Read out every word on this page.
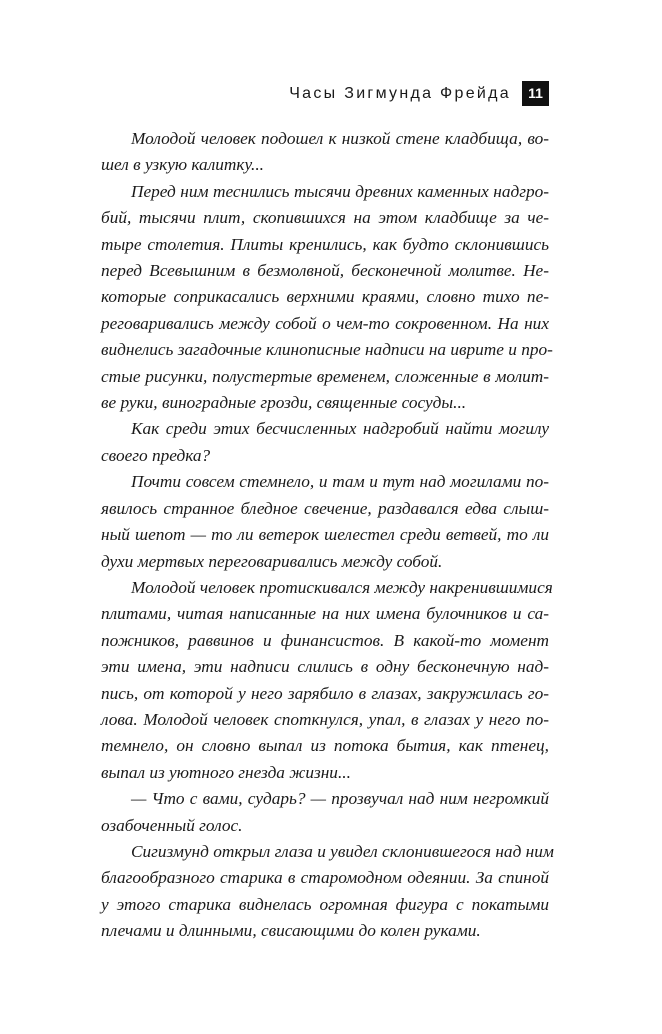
Часы Зигмунда Фрейда	11

Молодой человек подошел к низкой стене кладбища, во-
шел в узкую калитку...

Перед ним теснились тысячи древних каменных надгро-
бий, тысячи плит, скопившихся на этом кладбище за че-
тыре столетия. Плиты кренились, как будто склонившись
перед Всевышним в безмолвной, бесконечной молитве. Не-
которые соприкасались верхними краями, словно тихо пе-
реговаривались между собой о чем-то сокровенном. На них
виднелись загадочные клинописные надписи на иврите и про-
стые рисунки, полустертые временем, сложенные в молит-
ве руки, виноградные грозди, священные сосуды...

Как среди этих бесчисленных надгробий найти могилу
своего предка?

Почти совсем стемнело, и там и тут над могилами по-
явилось странное бледное свечение, раздавался едва слыш-
ный шепот — то ли ветерок шелестел среди ветвей, то ли
духи мертвых переговаривались между собой.

Молодой человек протискивался между накренившимися
плитами, читая написанные на них имена булочников и са-
пожников, раввинов и финансистов. В какой-то момент
эти имена, эти надписи слились в одну бесконечную над-
пись, от которой у него зарябило в глазах, закружилась го-
лова. Молодой человек споткнулся, упал, в глазах у него по-
темнело, он словно выпал из потока бытия, как птенец,
выпал из уютного гнезда жизни...

— Что с вами, сударь? — прозвучал над ним негромкий
озабоченный голос.

Сигизмунд открыл глаза и увидел склонившегося над ним
благообразного старика в старомодном одеянии. За спиной
у этого старика виднелась огромная фигура с покатыми
плечами и длинными, свисающими до колен руками.
